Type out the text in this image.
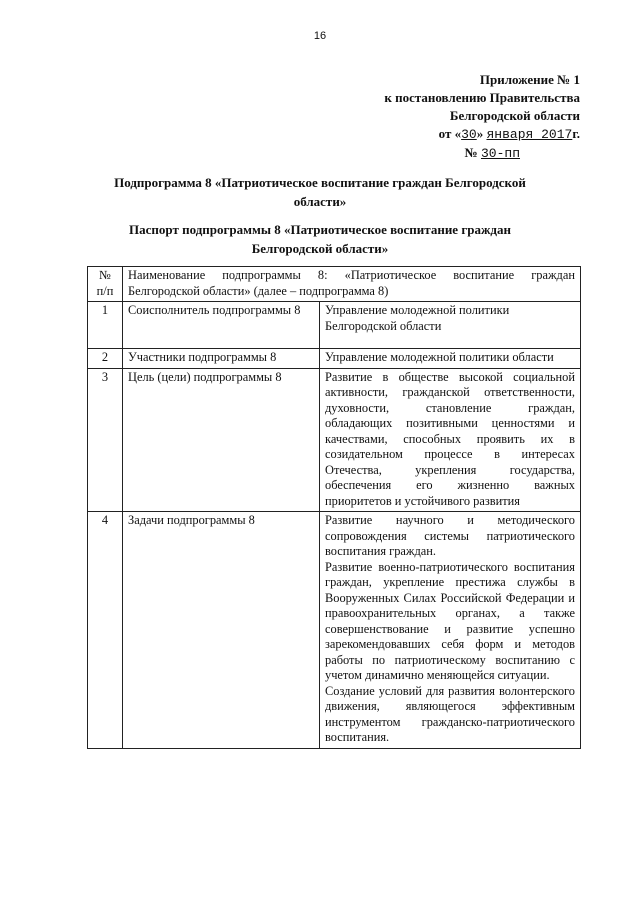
16
Приложение № 1
к постановлению Правительства
Белгородской области
от «30» января 2017г.
№ 30-пп
Подпрограмма 8 «Патриотическое воспитание граждан Белгородской области»
Паспорт подпрограммы 8 «Патриотическое воспитание граждан Белгородской области»
№ п/п	Наименование подпрограммы 8: «Патриотическое воспитание граждан Белгородской области» (далее – подпрограмма 8)	
1	Соисполнитель подпрограммы 8	Управление молодежной политики Белгородской области
2	Участники подпрограммы 8	Управление молодежной политики области
3	Цель (цели) подпрограммы 8	Развитие в обществе высокой социальной активности, гражданской ответственности, духовности, становление граждан, обладающих позитивными ценностями и качествами, способных проявить их в созидательном процессе в интересах Отечества, укрепления государства, обеспечения его жизненно важных приоритетов и устойчивого развития
4	Задачи подпрограммы 8	Развитие научного и методического сопровождения системы патриотического воспитания граждан.
Развитие военно-патриотического воспитания граждан, укрепление престижа службы в Вооруженных Силах Российской Федерации и правоохранительных органах, а также совершенствование и развитие успешно зарекомендовавших себя форм и методов работы по патриотическому воспитанию с учетом динамично меняющейся ситуации.
Создание условий для развития волонтерского движения, являющегося эффективным инструментом гражданско-патриотического воспитания.
